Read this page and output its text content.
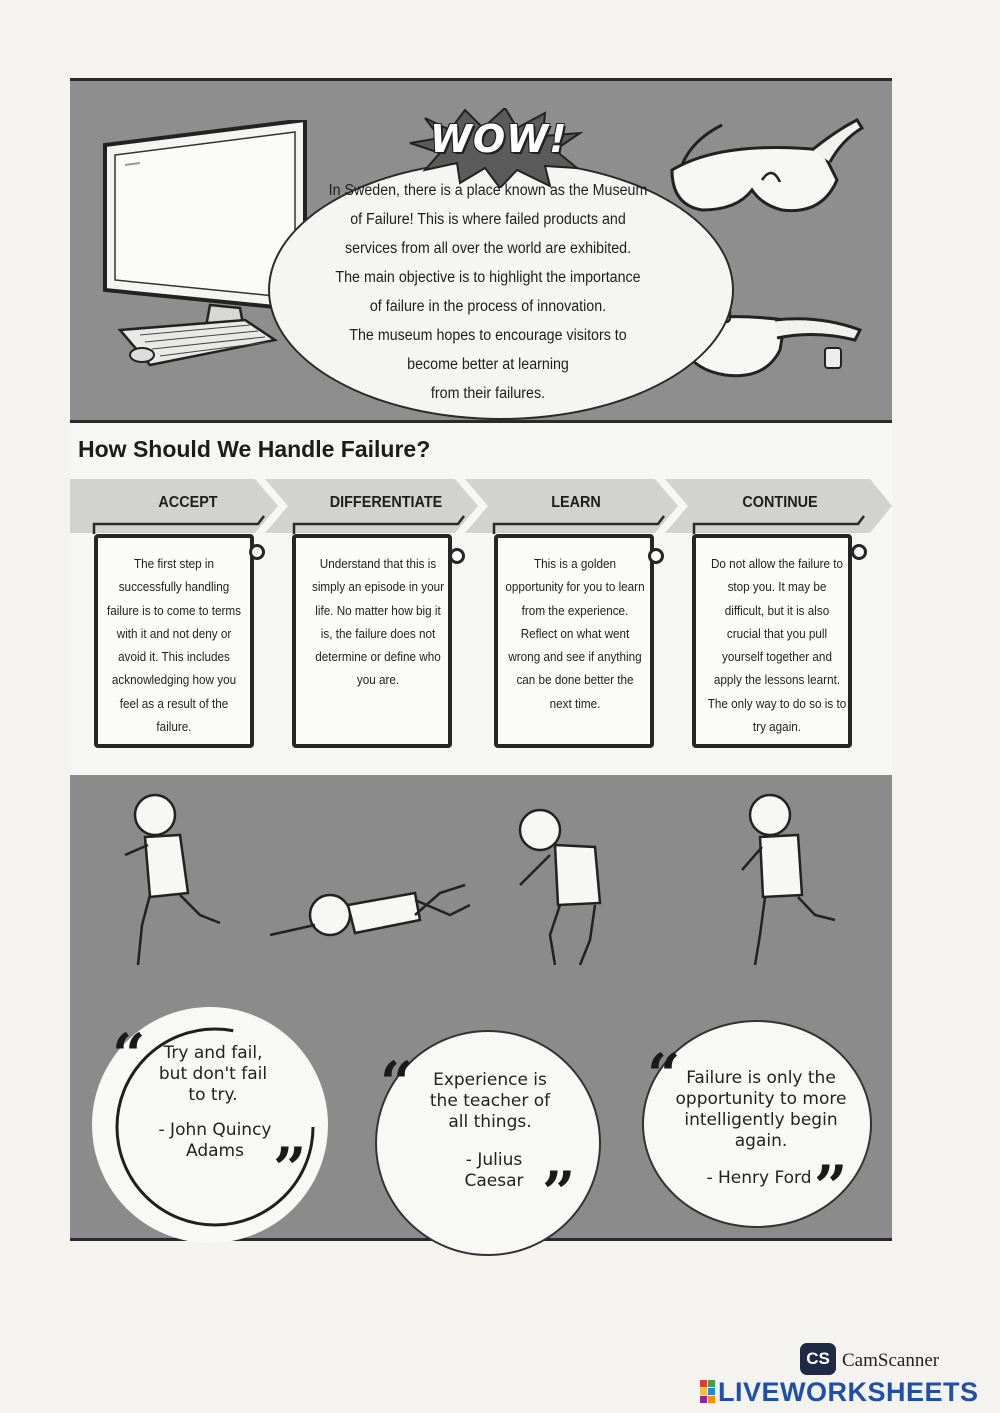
WOW!
In Sweden, there is a place known as the Museum
of Failure! This is where failed products and
services from all over the world are exhibited.
The main objective is to highlight the importance
of failure in the process of innovation.
The museum hopes to encourage visitors to
become better at learning
from their failures.
How Should We Handle Failure?
ACCEPT	DIFFERENTIATE	LEARN	CONTINUE
The first step in successfully handling failure is to come to terms with it and not deny or avoid it. This includes acknowledging how you feel as a result of the failure.
Understand that this is simply an episode in your life. No matter how big it is, the failure does not determine or define who you are.
This is a golden opportunity for you to learn from the experience. Reflect on what went wrong and see if anything can be done better the next time.
Do not allow the failure to stop you. It may be difficult, but it is also crucial that you pull yourself together and apply the lessons learnt. The only way to do so is to try again.
“	Try and fail, but don't fail to try.
- John Quincy Adams ”
“	Experience is the teacher of all things.
- Julius Caesar ”
“ Failure is only the opportunity to more intelligently begin again.
- Henry Ford ”
CS CamScanner
LIVEWORKSHEETS
